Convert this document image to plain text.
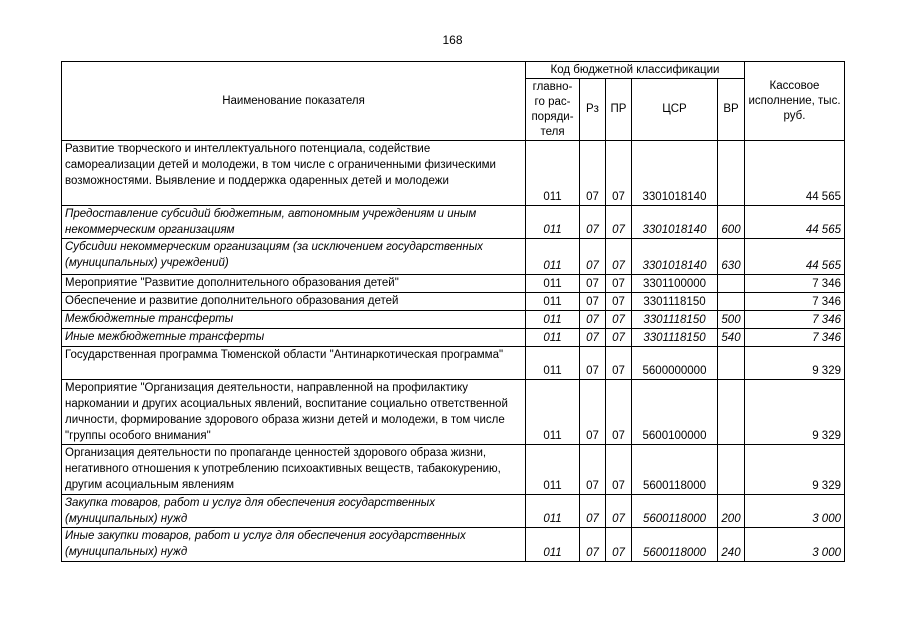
168
Наименование показателя	Код бюджетной классификации					Кассовое исполнение, тыс. руб.
	главно-го рас-поряди-теля	Рз	ПР	ЦСР	ВР	
Развитие творческого и интеллектуального потенциала, содействие самореализации детей и молодежи, в том числе с ограниченными физическими возможностями. Выявление и поддержка одаренных детей и молодежи	011	07	07	3301018140		44 565
Предоставление субсидий бюджетным, автономным учреждениям и иным некоммерческим организациям	011	07	07	3301018140	600	44 565
Субсидии некоммерческим организациям (за исключением государственных (муниципальных) учреждений)	011	07	07	3301018140	630	44 565
Мероприятие "Развитие дополнительного образования детей"	011	07	07	3301100000		7 346
Обеспечение и развитие дополнительного образования детей	011	07	07	3301118150		7 346
Межбюджетные трансферты	011	07	07	3301118150	500	7 346
Иные межбюджетные трансферты	011	07	07	3301118150	540	7 346
Государственная программа Тюменской области "Антинаркотическая программа"	011	07	07	5600000000		9 329
Мероприятие "Организация деятельности, направленной на профилактику наркомании и других асоциальных явлений, воспитание социально ответственной личности, формирование здорового образа жизни детей и молодежи, в том числе "группы особого внимания"	011	07	07	5600100000		9 329
Организация деятельности по пропаганде ценностей здорового образа жизни, негативного отношения к употреблению психоактивных веществ, табакокурению, другим асоциальным явлениям	011	07	07	5600118000		9 329
Закупка товаров, работ и услуг для обеспечения государственных (муниципальных) нужд	011	07	07	5600118000	200	3 000
Иные закупки товаров, работ и услуг для обеспечения государственных (муниципальных) нужд	011	07	07	5600118000	240	3 000
